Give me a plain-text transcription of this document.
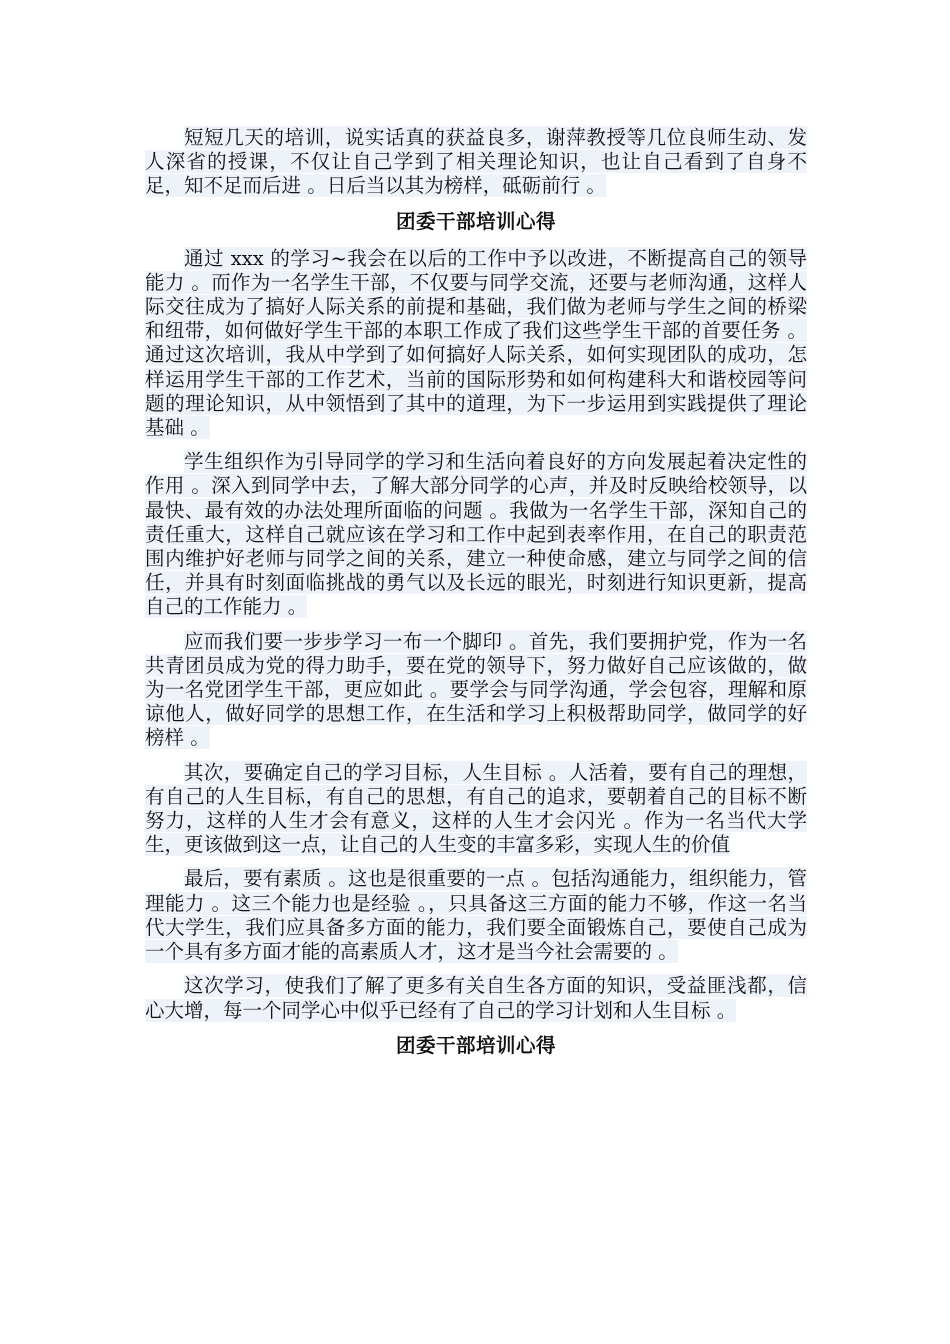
短短几天的培训，说实话真的获益良多，谢萍教授等几位良师生动、发人深省的授课，不仅让自己学到了相关理论知识，也让自己看到了自身不足，知不足而后进 。日后当以其为榜样，砥砺前行 。

团委干部培训心得

通过 xxx 的学习~我会在以后的工作中予以改进，不断提高自己的领导能力 。而作为一名学生干部，不仅要与同学交流，还要与老师沟通，这样人际交往成为了搞好人际关系的前提和基础，我们做为老师与学生之间的桥梁和纽带，如何做好学生干部的本职工作成了我们这些学生干部的首要任务 。通过这次培训，我从中学到了如何搞好人际关系，如何实现团队的成功，怎样运用学生干部的工作艺术，当前的国际形势和如何构建科大和谐校园等问题的理论知识，从中领悟到了其中的道理，为下一步运用到实践提供了理论基础 。

学生组织作为引导同学的学习和生活向着良好的方向发展起着决定性的作用 。深入到同学中去，了解大部分同学的心声，并及时反映给校领导，以最快、最有效的办法处理所面临的问题 。我做为一名学生干部，深知自己的责任重大，这样自己就应该在学习和工作中起到表率作用，在自己的职责范围内维护好老师与同学之间的关系，建立一种使命感，建立与同学之间的信任，并具有时刻面临挑战的勇气以及长远的眼光，时刻进行知识更新，提高自己的工作能力 。

应而我们要一步步学习一布一个脚印 。首先，我们要拥护党，作为一名共青团员成为党的得力助手，要在党的领导下，努力做好自己应该做的，做为一名党团学生干部，更应如此 。要学会与同学沟通，学会包容，理解和原谅他人，做好同学的思想工作，在生活和学习上积极帮助同学，做同学的好榜样 。

其次，要确定自己的学习目标，人生目标 。人活着，要有自己的理想，有自己的人生目标，有自己的思想，有自己的追求，要朝着自己的目标不断努力，这样的人生才会有意义，这样的人生才会闪光 。作为一名当代大学生，更该做到这一点，让自己的人生变的丰富多彩，实现人生的价值

最后，要有素质 。这也是很重要的一点 。包括沟通能力，组织能力，管理能力 。这三个能力也是经验 。，只具备这三方面的能力不够，作这一名当代大学生，我们应具备多方面的能力，我们要全面锻炼自己，要使自己成为一个具有多方面才能的高素质人才，这才是当今社会需要的 。

这次学习，使我们了解了更多有关自生各方面的知识，受益匪浅都，信心大增，每一个同学心中似乎已经有了自己的学习计划和人生目标 。

团委干部培训心得
